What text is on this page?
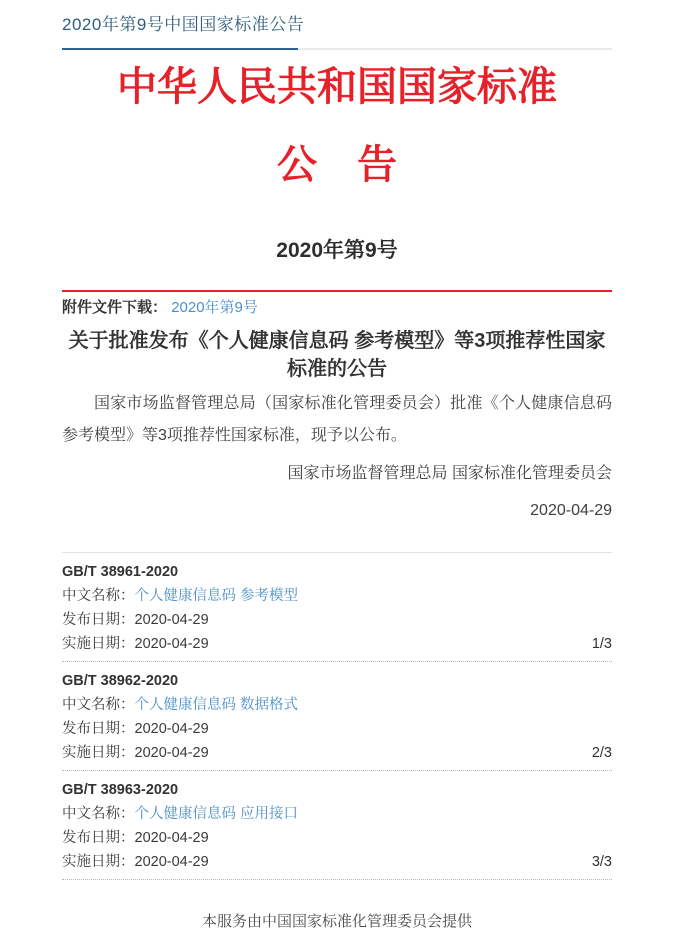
2020年第9号中国国家标准公告
中华人民共和国国家标准
公　告
2020年第9号
附件文件下载： 2020年第9号
关于批准发布《个人健康信息码 参考模型》等3项推荐性国家标准的公告

国家市场监督管理总局（国家标准化管理委员会）批准《个人健康信息码 参考模型》等3项推荐性国家标准，现予以公布。

国家市场监督管理总局 国家标准化管理委员会
2020-04-29
GB/T 38961-2020
中文名称：个人健康信息码 参考模型
发布日期：2020-04-29
实施日期：2020-04-29	1/3
GB/T 38962-2020
中文名称：个人健康信息码 数据格式
发布日期：2020-04-29
实施日期：2020-04-29	2/3
GB/T 38963-2020
中文名称：个人健康信息码 应用接口
发布日期：2020-04-29
实施日期：2020-04-29	3/3
本服务由中国国家标准化管理委员会提供
